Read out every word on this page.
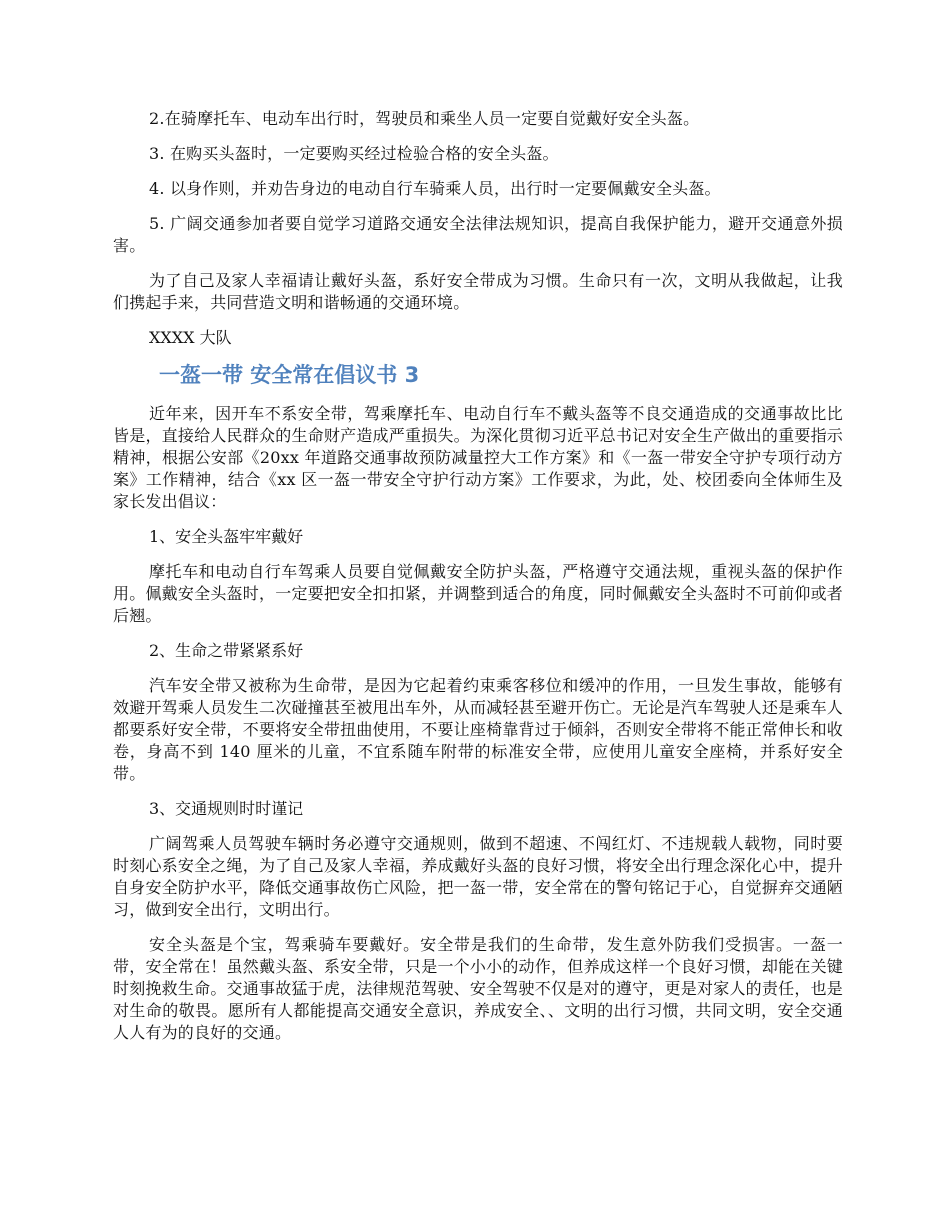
2.在骑摩托车、电动车出行时，驾驶员和乘坐人员一定要自觉戴好安全头盔。

3. 在购买头盔时，一定要购买经过检验合格的安全头盔。

4. 以身作则，并劝告身边的电动自行车骑乘人员，出行时一定要佩戴安全头盔。

5. 广阔交通参加者要自觉学习道路交通安全法律法规知识，提高自我保护能力，避开交通意外损害。

为了自己及家人幸福请让戴好头盔，系好安全带成为习惯。生命只有一次，文明从我做起，让我们携起手来，共同营造文明和谐畅通的交通环境。

XXXX 大队

一盔一带 安全常在倡议书 3

近年来，因开车不系安全带，驾乘摩托车、电动自行车不戴头盔等不良交通造成的交通事故比比皆是，直接给人民群众的生命财产造成严重损失。为深化贯彻习近平总书记对安全生产做出的重要指示精神，根据公安部《20xx 年道路交通事故预防减量控大工作方案》和《一盔一带安全守护专项行动方案》工作精神，结合《xx 区一盔一带安全守护行动方案》工作要求，为此，处、校团委向全体师生及家长发出倡议：

1、安全头盔牢牢戴好

摩托车和电动自行车驾乘人员要自觉佩戴安全防护头盔，严格遵守交通法规，重视头盔的保护作用。佩戴安全头盔时，一定要把安全扣扣紧，并调整到适合的角度，同时佩戴安全头盔时不可前仰或者后翘。

2、生命之带紧紧系好

汽车安全带又被称为生命带，是因为它起着约束乘客移位和缓冲的作用，一旦发生事故，能够有效避开驾乘人员发生二次碰撞甚至被甩出车外，从而减轻甚至避开伤亡。无论是汽车驾驶人还是乘车人都要系好安全带，不要将安全带扭曲使用，不要让座椅靠背过于倾斜，否则安全带将不能正常伸长和收卷，身高不到 140 厘米的儿童，不宜系随车附带的标准安全带，应使用儿童安全座椅，并系好安全带。

3、交通规则时时谨记

广阔驾乘人员驾驶车辆时务必遵守交通规则，做到不超速、不闯红灯、不违规载人载物，同时要时刻心系安全之绳，为了自己及家人幸福，养成戴好头盔的良好习惯，将安全出行理念深化心中，提升自身安全防护水平，降低交通事故伤亡风险，把一盔一带，安全常在的警句铭记于心，自觉摒弃交通陋习，做到安全出行，文明出行。

安全头盔是个宝，驾乘骑车要戴好。安全带是我们的生命带，发生意外防我们受损害。一盔一带，安全常在！虽然戴头盔、系安全带，只是一个小小的动作，但养成这样一个良好习惯，却能在关键时刻挽救生命。交通事故猛于虎，法律规范驾驶、安全驾驶不仅是对的遵守，更是对家人的责任，也是对生命的敬畏。愿所有人都能提高交通安全意识，养成安全、、文明的出行习惯，共同文明，安全交通人人有为的良好的交通。
